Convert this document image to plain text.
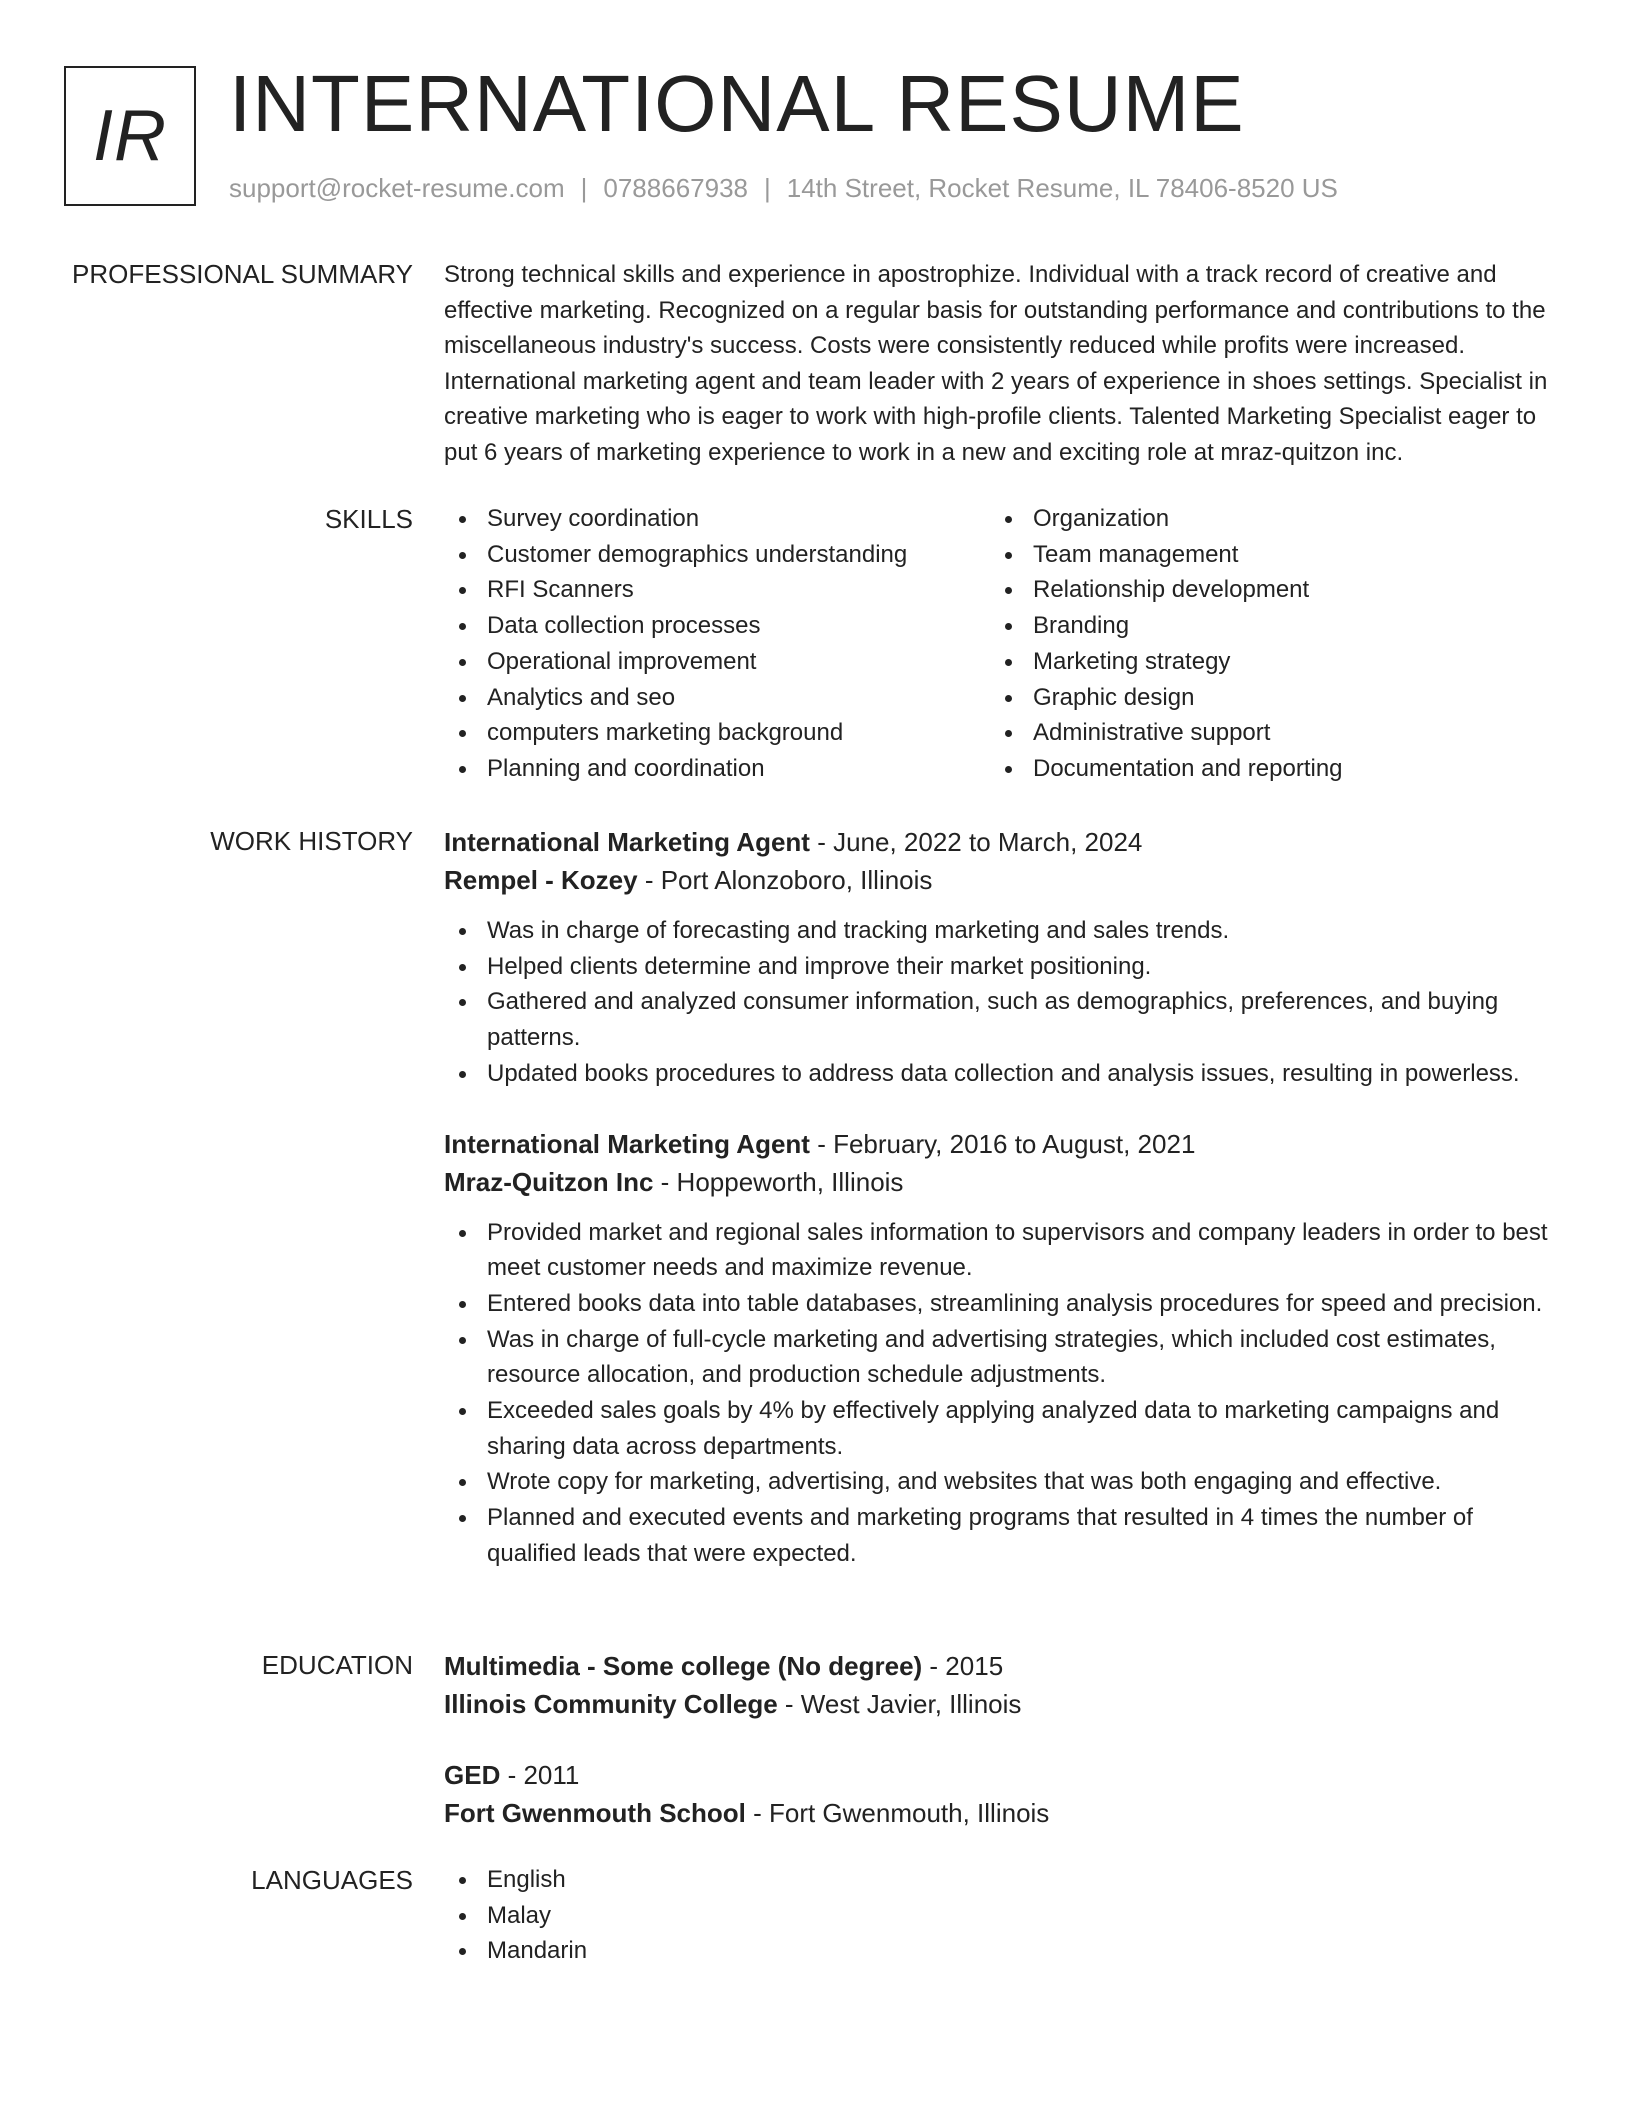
IR INTERNATIONAL RESUME
support@rocket-resume.com | 0788667938 | 14th Street, Rocket Resume, IL 78406-8520 US
PROFESSIONAL SUMMARY Strong technical skills and experience in apostrophize. Individual with a track record of creative and effective marketing. Recognized on a regular basis for outstanding performance and contributions to the miscellaneous industry's success. Costs were consistently reduced while profits were increased. International marketing agent and team leader with 2 years of experience in shoes settings. Specialist in creative marketing who is eager to work with high-profile clients. Talented Marketing Specialist eager to put 6 years of marketing experience to work in a new and exciting role at mraz-quitzon inc.

SKILLS	Survey coordination
Customer demographics understanding
RFI Scanners
Data collection processes
Operational improvement
Analytics and seo
computers marketing background
Planning and coordination
Organization
Team management
Relationship development
Branding
Marketing strategy
Graphic design
Administrative support
Documentation and reporting
WORK HISTORY International Marketing Agent - June, 2022 to March, 2024
Rempel - Kozey - Port Alonzoboro, Illinois
Was in charge of forecasting and tracking marketing and sales trends.
Helped clients determine and improve their market positioning.
Gathered and analyzed consumer information, such as demographics, preferences, and buying patterns.
Updated books procedures to address data collection and analysis issues, resulting in powerless.
International Marketing Agent - February, 2016 to August, 2021
Mraz-Quitzon Inc - Hoppeworth, Illinois
Provided market and regional sales information to supervisors and company leaders in order to best meet customer needs and maximize revenue.
Entered books data into table databases, streamlining analysis procedures for speed and precision.
Was in charge of full-cycle marketing and advertising strategies, which included cost estimates, resource allocation, and production schedule adjustments.
Exceeded sales goals by 4% by effectively applying analyzed data to marketing campaigns and sharing data across departments.
Wrote copy for marketing, advertising, and websites that was both engaging and effective.
Planned and executed events and marketing programs that resulted in 4 times the number of qualified leads that were expected.
EDUCATION Multimedia - Some college (No degree) - 2015
Illinois Community College - West Javier, Illinois
GED - 2011
Fort Gwenmouth School - Fort Gwenmouth, Illinois
LANGUAGES	English
Malay
Mandarin
